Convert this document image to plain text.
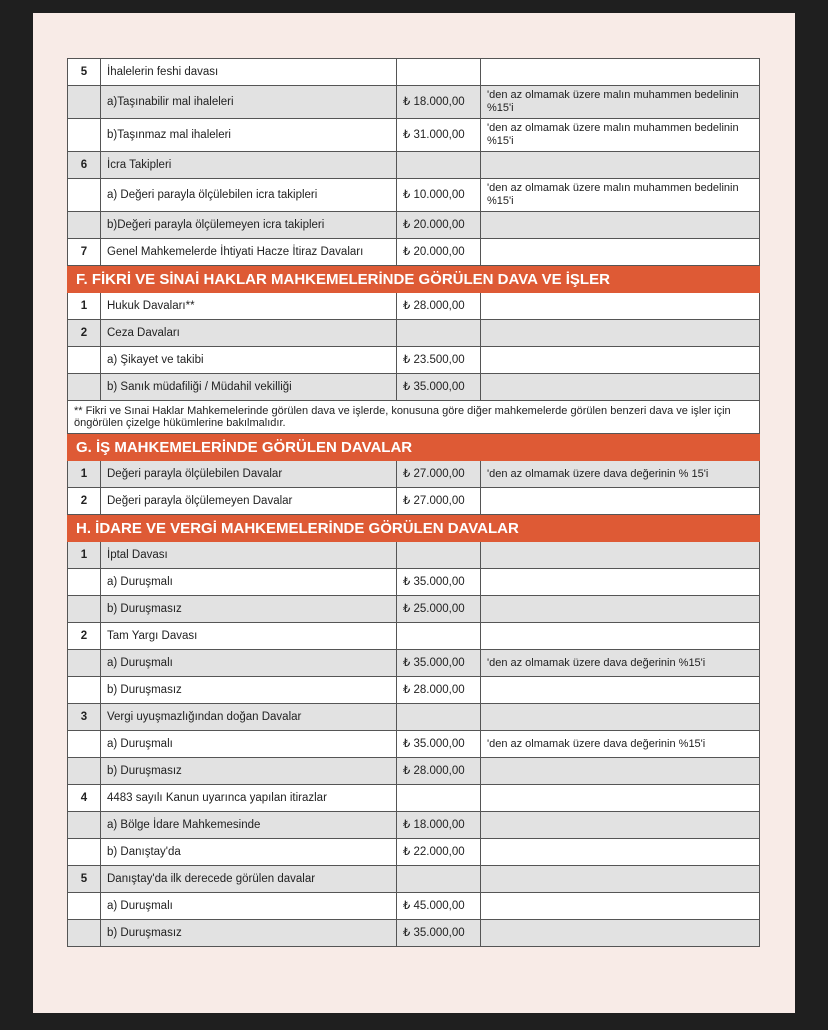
5	İhalelerin feshi davası		
	a)Taşınabilir mal ihaleleri	₺ 18.000,00	'den az olmamak üzere malın muhammen bedelinin %15'i
	b)Taşınmaz mal ihaleleri	₺ 31.000,00	'den az olmamak üzere malın muhammen bedelinin %15'i
6	İcra Takipleri		
	a) Değeri parayla ölçülebilen icra takipleri	₺ 10.000,00	'den az olmamak üzere malın muhammen bedelinin %15'i
	b)Değeri parayla ölçülemeyen icra takipleri	₺ 20.000,00	
7	Genel Mahkemelerde İhtiyati Hacze İtiraz Davaları	₺ 20.000,00	
F. FİKRİ VE SİNAİ HAKLAR MAHKEMELERİNDE GÖRÜLEN DAVA VE İŞLER			
1	Hukuk Davaları**	₺ 28.000,00	
2	Ceza Davaları		
	a) Şikayet ve takibi	₺ 23.500,00	
	b) Sanık müdafiliği / Müdahil vekilliği	₺ 35.000,00	
** Fikri ve Sınai Haklar Mahkemelerinde görülen dava ve işlerde, konusuna göre diğer mahkemelerde görülen benzeri dava ve işler için öngörülen çizelge hükümlerine bakılmalıdır.			
G. İŞ MAHKEMELERİNDE GÖRÜLEN DAVALAR			
1	Değeri parayla ölçülebilen Davalar	₺ 27.000,00	'den az olmamak üzere dava değerinin % 15'i
2	Değeri parayla ölçülemeyen Davalar	₺ 27.000,00	
H. İDARE VE VERGİ MAHKEMELERİNDE GÖRÜLEN DAVALAR			
1	İptal Davası		
	a) Duruşmalı	₺ 35.000,00	
	b) Duruşmasız	₺ 25.000,00	
2	Tam Yargı Davası		
	a) Duruşmalı	₺ 35.000,00	'den az olmamak üzere dava değerinin %15'i
	b) Duruşmasız	₺ 28.000,00	
3	Vergi uyuşmazlığından doğan Davalar		
	a) Duruşmalı	₺ 35.000,00	'den az olmamak üzere dava değerinin %15'i
	b) Duruşmasız	₺ 28.000,00	
4	4483 sayılı Kanun uyarınca yapılan itirazlar		
	a) Bölge İdare Mahkemesinde	₺ 18.000,00	
	b) Danıştay'da	₺ 22.000,00	
5	Danıştay'da ilk derecede görülen davalar		
	a) Duruşmalı	₺ 45.000,00	
	b) Duruşmasız	₺ 35.000,00	
